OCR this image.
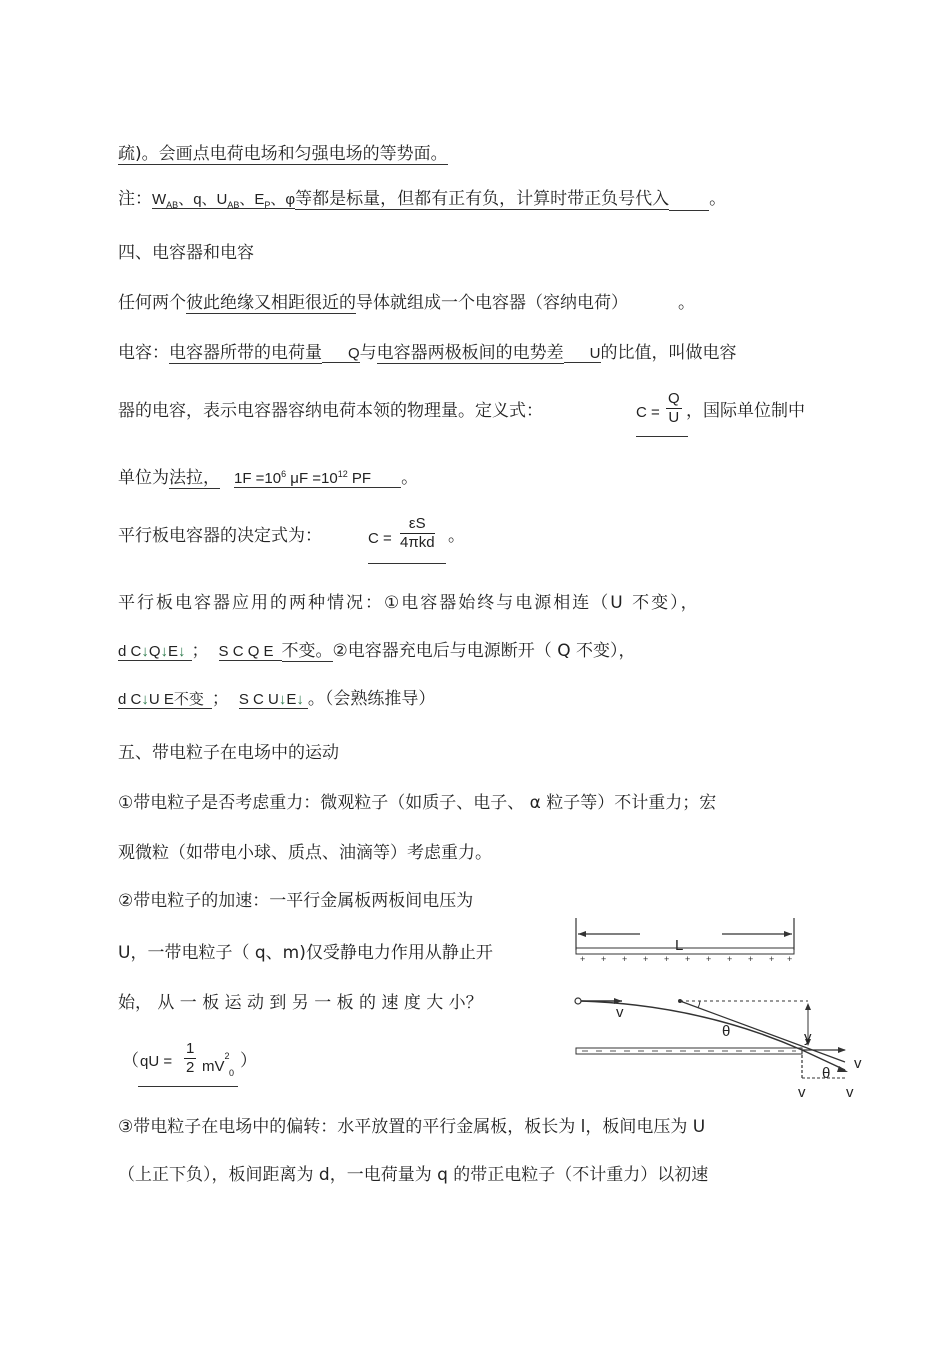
疏)。会画点电荷电场和匀强电场的等势面。
注：$W_{AB}$、q、$U_{AB}$、$E_P$、φ等都是标量，但都有正有负，计算时带正负号代入 。
四、电容器和电容
任何两个彼此绝缘又相距很近的导体就组成一个电容器（容纳电荷）	。
电容：电容器所带的电荷量 Q与电容器两极板间的电势差 U的比值，叫做电容
器的电容，表示电容器容纳电荷本领的物理量。定义式：	$C = \frac{Q}{U}$ ，国际单位制中
单位为法拉， $1F =10^6$ $\mu F =10^{12}$ PF 。
平行板电容器的决定式为：	C =
εS
4πkd 。
平行板电容器应用的两种情况：①电容器始终与电源相连（U 不变），
d C↓Q↓E↓ ； S C Q E 不变。②电容器充电后与电源断开（ Q 不变），
d C↓U E不变 ； S C U↓E↓ 。（会熟练推导）
五、带电粒子在电场中的运动
①带电粒子是否考虑重力：微观粒子（如质子、电子、 α 粒子等）不计重力；宏
观微粒（如带电小球、质点、油滴等）考虑重力。
②带电粒子的加速：一平行金属板两板间电压为
U，一带电粒子（ q、m)仅受静电力作用从静止开
始， 从 一 板 运 动 到 另 一 板 的 速 度 大 小？
（ qU = $\frac{1}{2} mV^2$
0
）
③带电粒子在电场中的偏转：水平放置的平行金属板，板长为 l，板间电压为 U
（上正下负），板间距离为 d，一电荷量为 q 的带正电粒子（不计重力）以初速
L
+ + + + + + + + + + +
v
θ	y
v
θ
v	v
